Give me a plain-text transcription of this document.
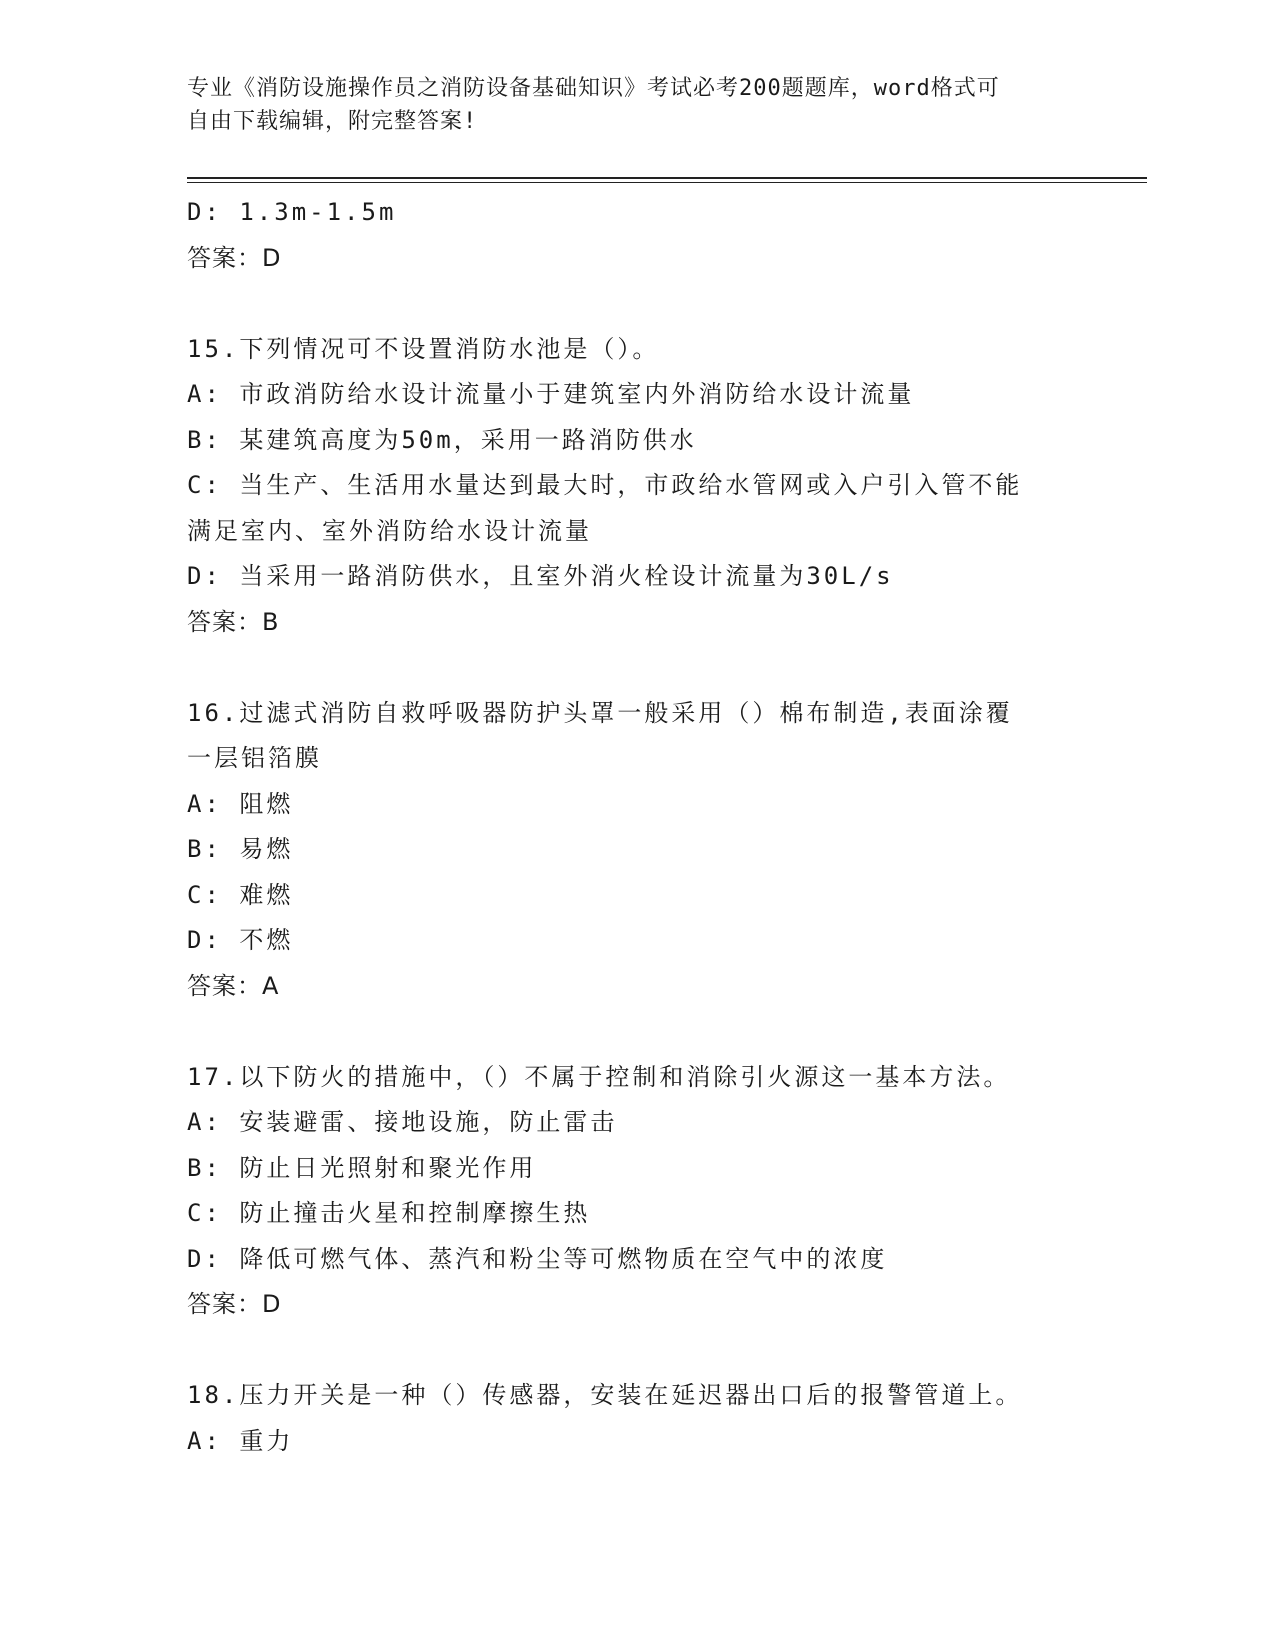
专业《消防设施操作员之消防设备基础知识》考试必考200题题库，word格式可
自由下载编辑，附完整答案!
D: 1.3m-1.5m
答案：D
15.下列情况可不设置消防水池是（）。
A: 市政消防给水设计流量小于建筑室内外消防给水设计流量
B: 某建筑高度为50m，采用一路消防供水
C: 当生产、生活用水量达到最大时，市政给水管网或入户引入管不能
满足室内、室外消防给水设计流量
D: 当采用一路消防供水，且室外消火栓设计流量为30L/s
答案：B
16.过滤式消防自救呼吸器防护头罩一般采用（）棉布制造,表面涂覆
一层铝箔膜
A: 阻燃
B: 易燃
C: 难燃
D: 不燃
答案：A
17.以下防火的措施中，（）不属于控制和消除引火源这一基本方法。
A: 安装避雷、接地设施，防止雷击
B: 防止日光照射和聚光作用
C: 防止撞击火星和控制摩擦生热
D: 降低可燃气体、蒸汽和粉尘等可燃物质在空气中的浓度
答案：D
18.压力开关是一种（）传感器，安装在延迟器出口后的报警管道上。
A: 重力
